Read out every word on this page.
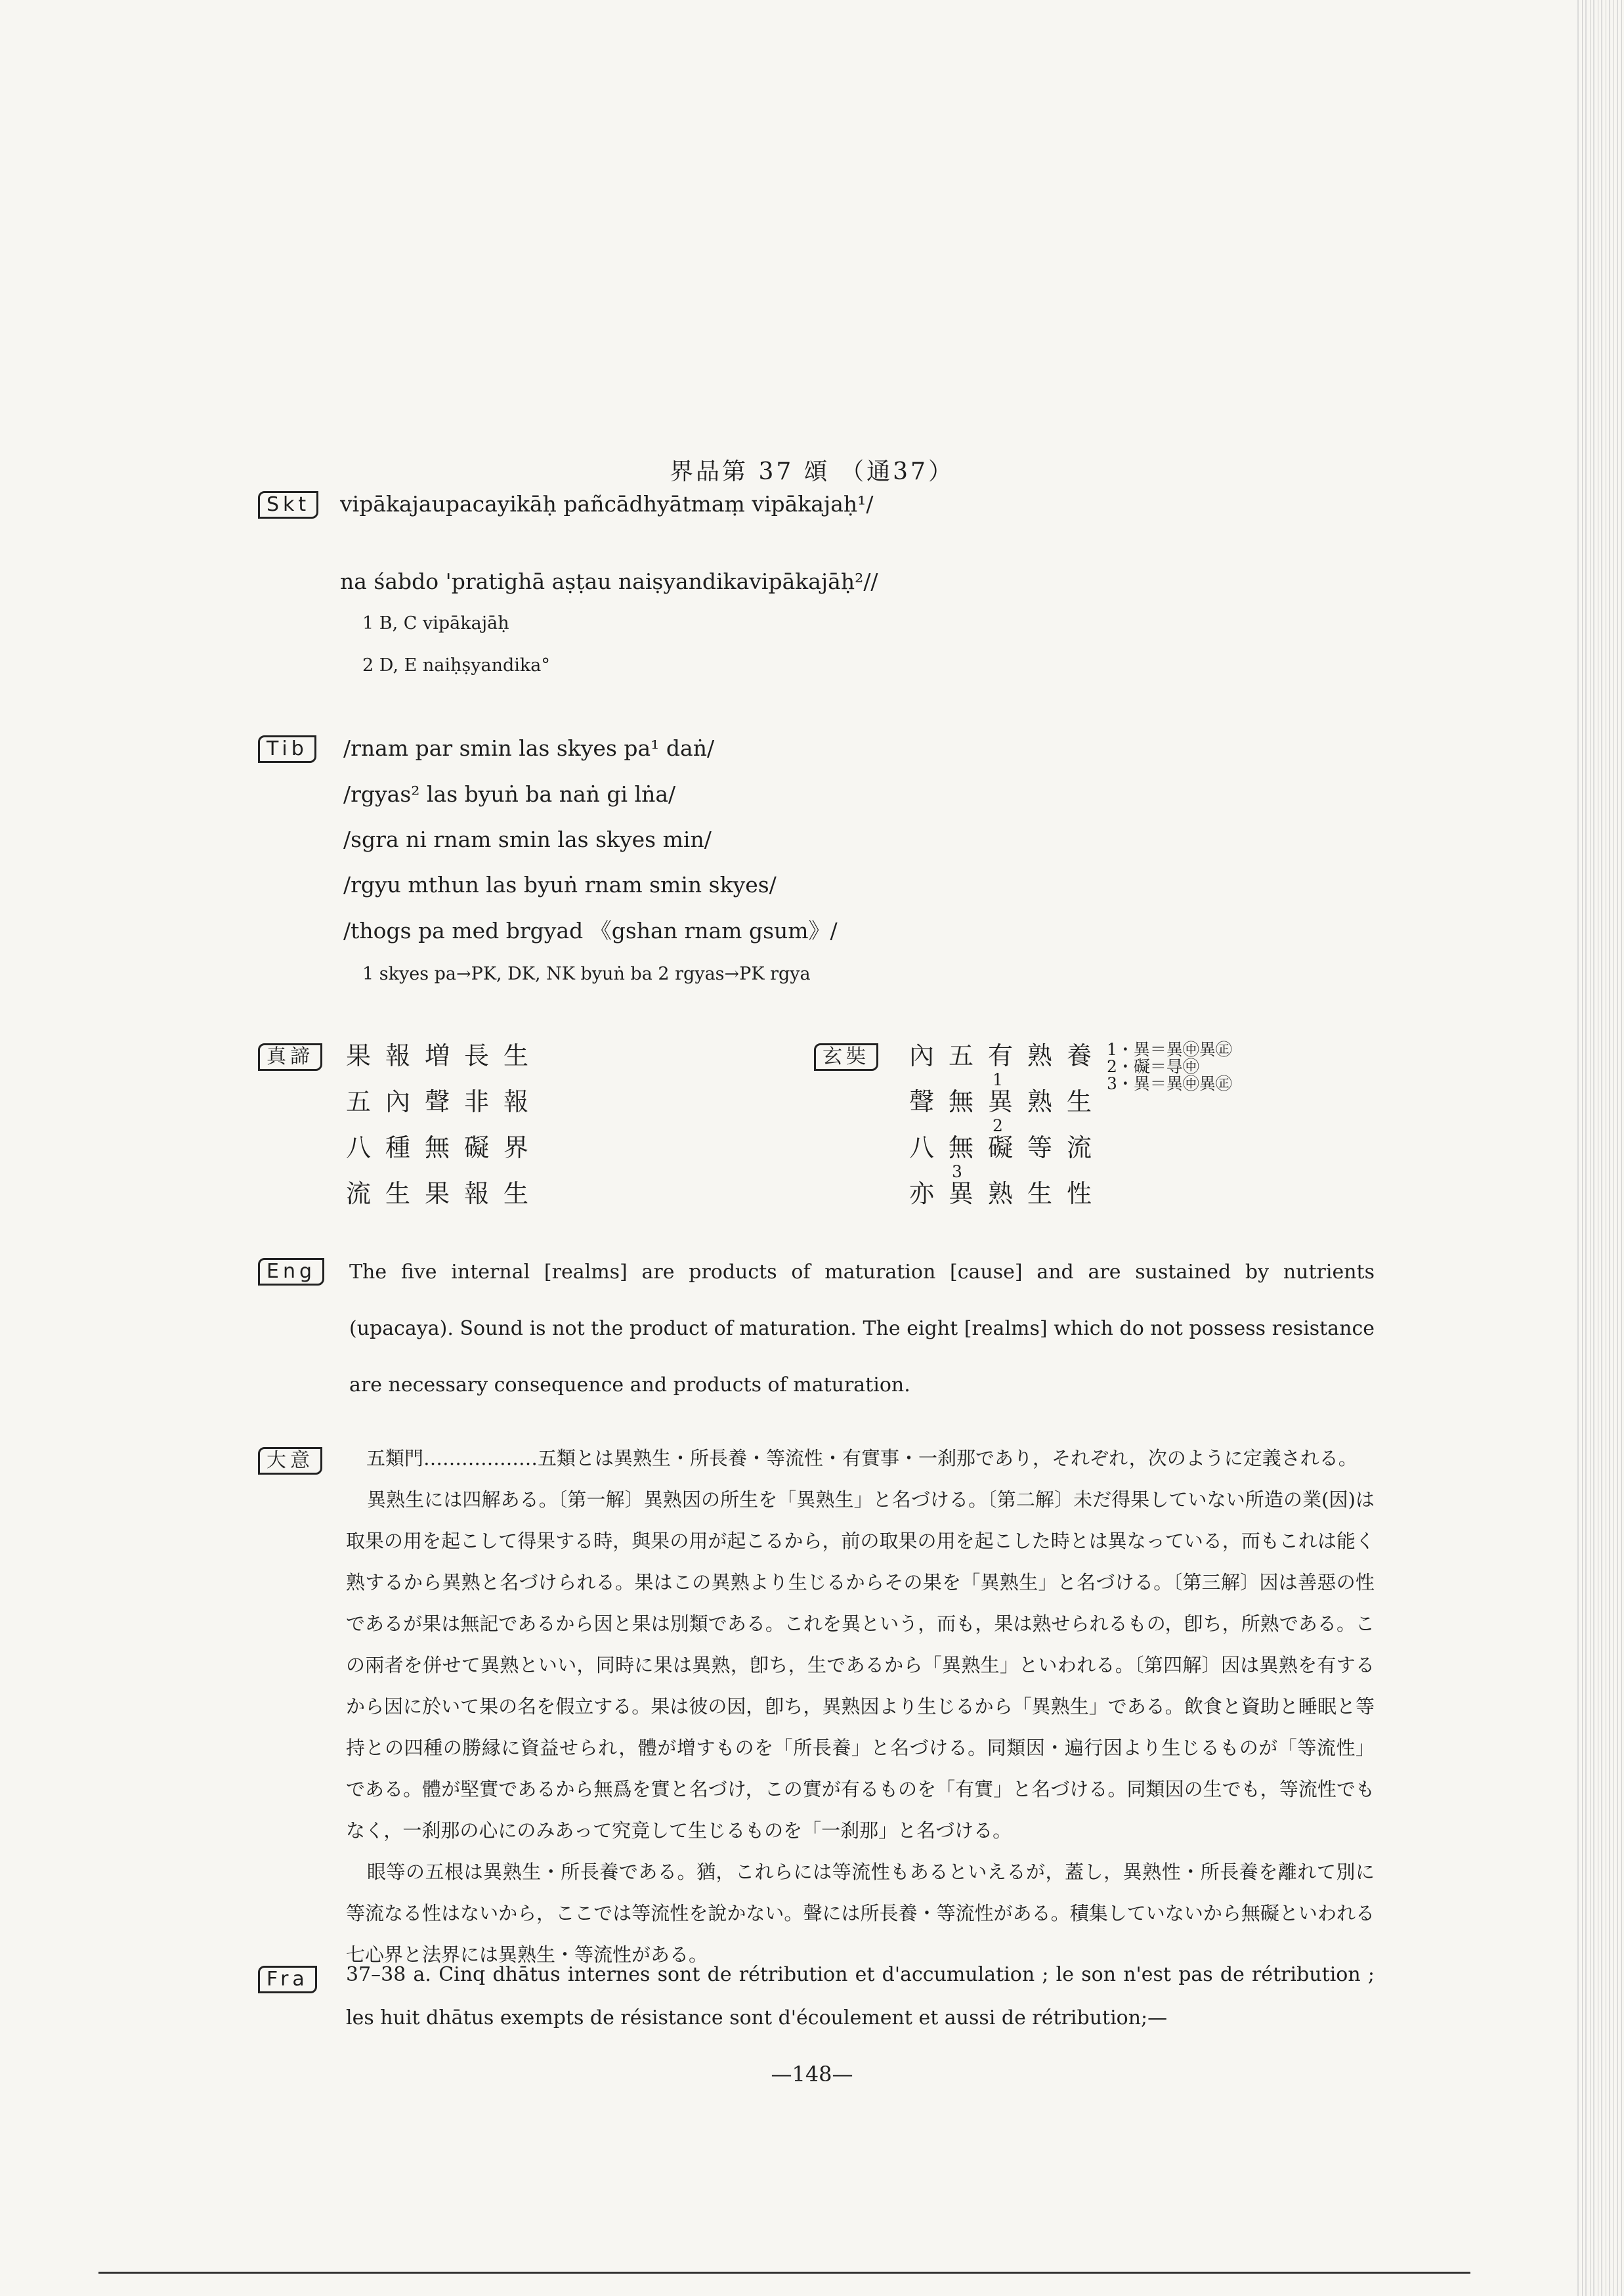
界品第 37 頌 （通37）
Skt	vipākajaupacayikāḥ pañcādhyātmaṃ vipākajaḥ¹/
na śabdo 'pratighā aṣṭau naiṣyandikavipākajāḥ²//
1 B, C vipākajāḥ
2 D, E naiḥṣyandika°
Tib	/rnam par smin las skyes pa¹ daṅ/
/rgyas² las byuṅ ba naṅ gi lṅa/
/sgra ni rnam smin las skyes min/
/rgyu mthun las byuṅ rnam smin skyes/
/thogs pa med brgyad 《gshan rnam gsum》/
1 skyes pa→PK, DK, NK byuṅ ba 2 rgyas→PK rgya
真諦	果報増長生
五內聲非報
八種無礙界
流生果報生
玄奘	內五有熟養
1
聲無異熟生
2
八無礙等流
3
亦異熟生性
1・異＝異㊥異㊣
2・礙＝㝵㊥
3・異＝異㊥異㊣
Eng	The five internal [realms] are products of maturation [cause] and are sustained by nutrients (upacaya). Sound is not the product of maturation. The eight [realms] which do not possess resistance are necessary consequence and products of maturation.

大意	五類門………………五類とは異熟生・所長養・等流性・有實事・一刹那であり，それぞれ，次のように定義される。

異熟生には四解ある。〔第一解〕異熟因の所生を「異熟生」と名づける。〔第二解〕未だ得果していない所造の業(因)は取果の用を起こして得果する時，與果の用が起こるから，前の取果の用を起こした時とは異なっている，而もこれは能く熟するから異熟と名づけられる。果はこの異熟より生じるからその果を「異熟生」と名づける。〔第三解〕因は善惡の性であるが果は無記であるから因と果は別類である。これを異という，而も，果は熟せられるもの，卽ち，所熟である。この兩者を併せて異熟といい，同時に果は異熟，卽ち，生であるから「異熟生」といわれる。〔第四解〕因は異熟を有するから因に於いて果の名を假立する。果は彼の因，卽ち，異熟因より生じるから「異熟生」である。飲食と資助と睡眠と等持との四種の勝縁に資益せられ，體が增すものを「所長養」と名づける。同類因・遍行因より生じるものが「等流性」である。體が堅實であるから無爲を實と名づけ，この實が有るものを「有實」と名づける。同類因の生でも，等流性でもなく，一刹那の心にのみあって究竟して生じるものを「一刹那」と名づける。

眼等の五根は異熟生・所長養である。猶，これらには等流性もあるといえるが，蓋し，異熟性・所長養を離れて別に等流なる性はないから，ここでは等流性を說かない。聲には所長養・等流性がある。積集していないから無礙といわれる七心界と法界には異熟生・等流性がある。

Fra	37–38 a. Cinq dhātus internes sont de rétribution et d'accumulation ; le son n'est pas de rétribution ; les huit dhātus exempts de résistance sont d'écoulement et aussi de rétribution;—

—148—
